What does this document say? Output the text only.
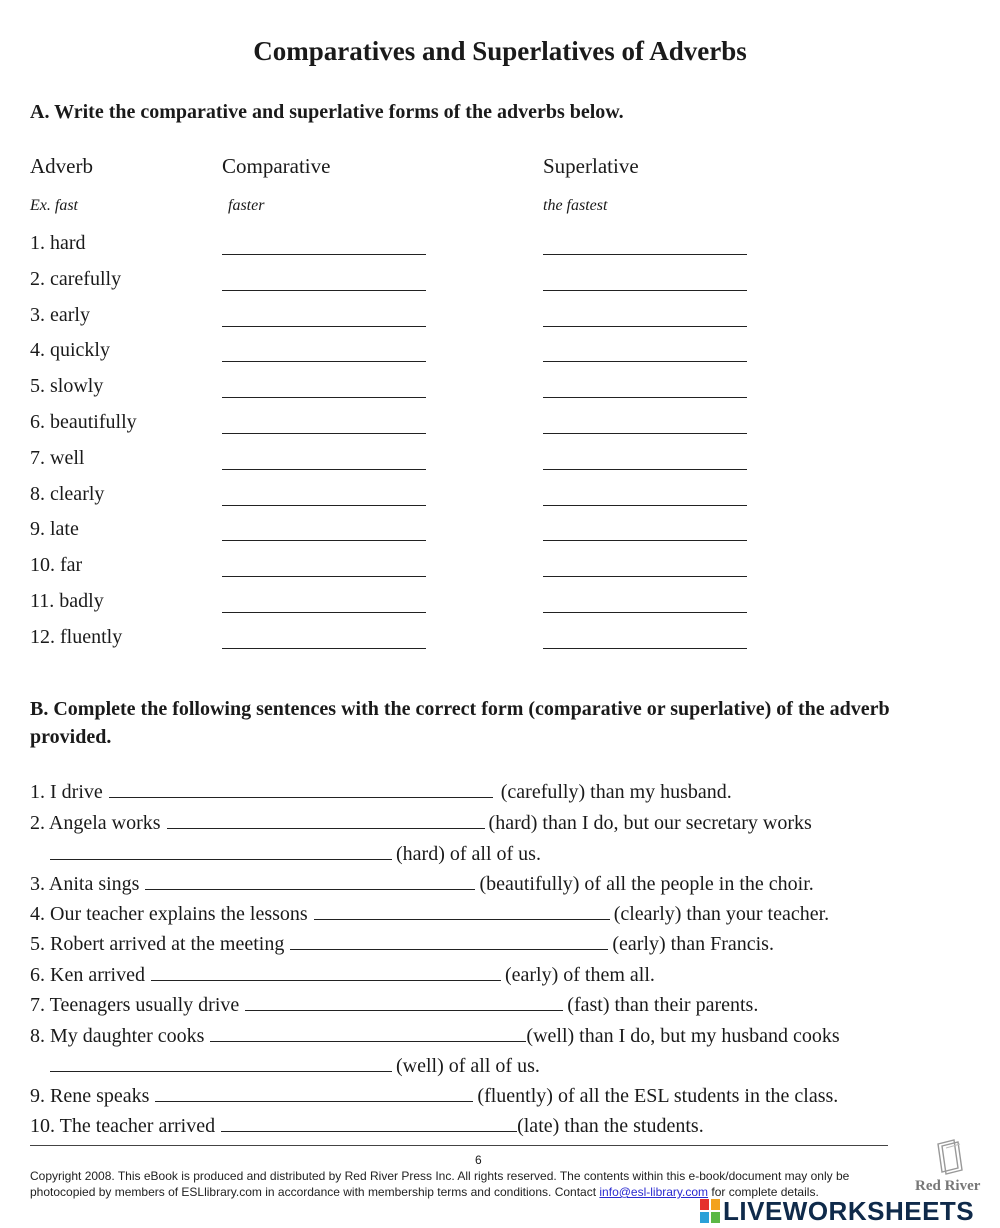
Comparatives and Superlatives of Adverbs
A. Write the comparative and superlative forms of the adverbs below.
Adverb	Comparative	Superlative
Ex. fast	faster	the fastest
1. hard
2. carefully
3. early
4. quickly
5. slowly
6. beautifully
7. well
8. clearly
9. late
10. far
11. badly
12. fluently
B. Complete the following sentences with the correct form (comparative or superlative) of the adverb provided.
1. I drive	(carefully) than my husband.
2. Angela works	(hard) than I do, but our secretary works
(hard) of all of us.
3. Anita sings	(beautifully) of all the people in the choir.
4. Our teacher explains the lessons	(clearly) than your teacher.
5. Robert arrived at the meeting	(early) than Francis.
6. Ken arrived	(early) of them all.
7. Teenagers usually drive	(fast) than their parents.
8. My daughter cooks	(well) than I do, but my husband cooks
(well) of all of us.
9. Rene speaks	(fluently) of all the ESL students in the class.
10. The teacher arrived	(late) than the students.
6
Copyright 2008. This eBook is produced and distributed by Red River Press Inc. All rights reserved. The contents within this e-book/document may only be
photocopied by members of ESLlibrary.com in accordance with membership terms and conditions. Contact info@esl-library.com for complete details.	Red River
LIVEWORKSHEETS
